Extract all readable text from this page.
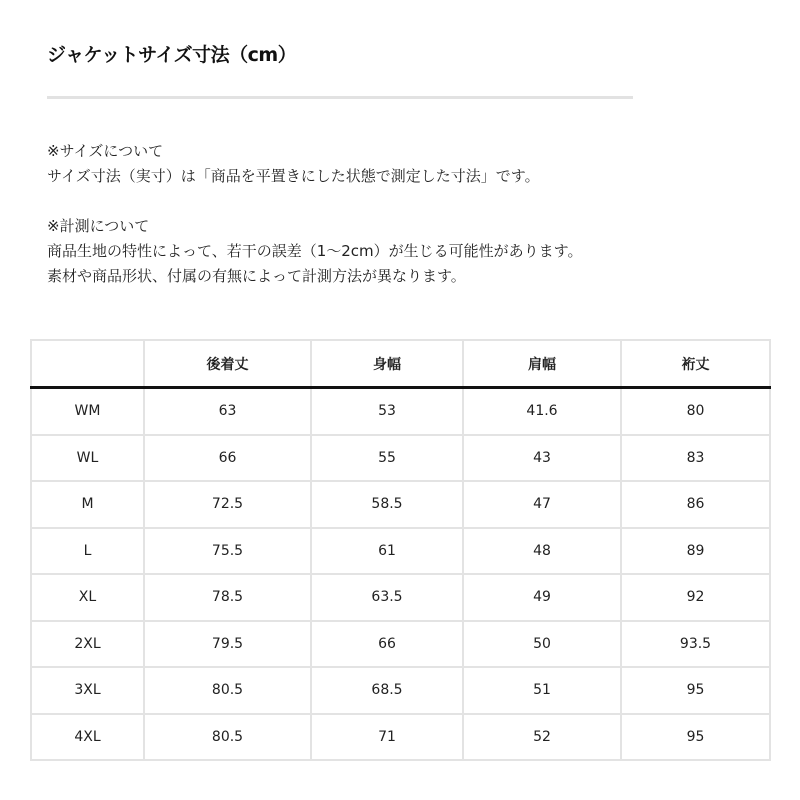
ジャケットサイズ寸法（cm）
※サイズについて
サイズ寸法（実寸）は「商品を平置きにした状態で測定した寸法」です。
※計測について
商品生地の特性によって、若干の誤差（1〜2cm）が生じる可能性があります。
素材や商品形状、付属の有無によって計測方法が異なります。
	後着丈	身幅	肩幅	裄丈
WM	63	53	41.6	80
WL	66	55	43	83
M	72.5	58.5	47	86
L	75.5	61	48	89
XL	78.5	63.5	49	92
2XL	79.5	66	50	93.5
3XL	80.5	68.5	51	95
4XL	80.5	71	52	95
